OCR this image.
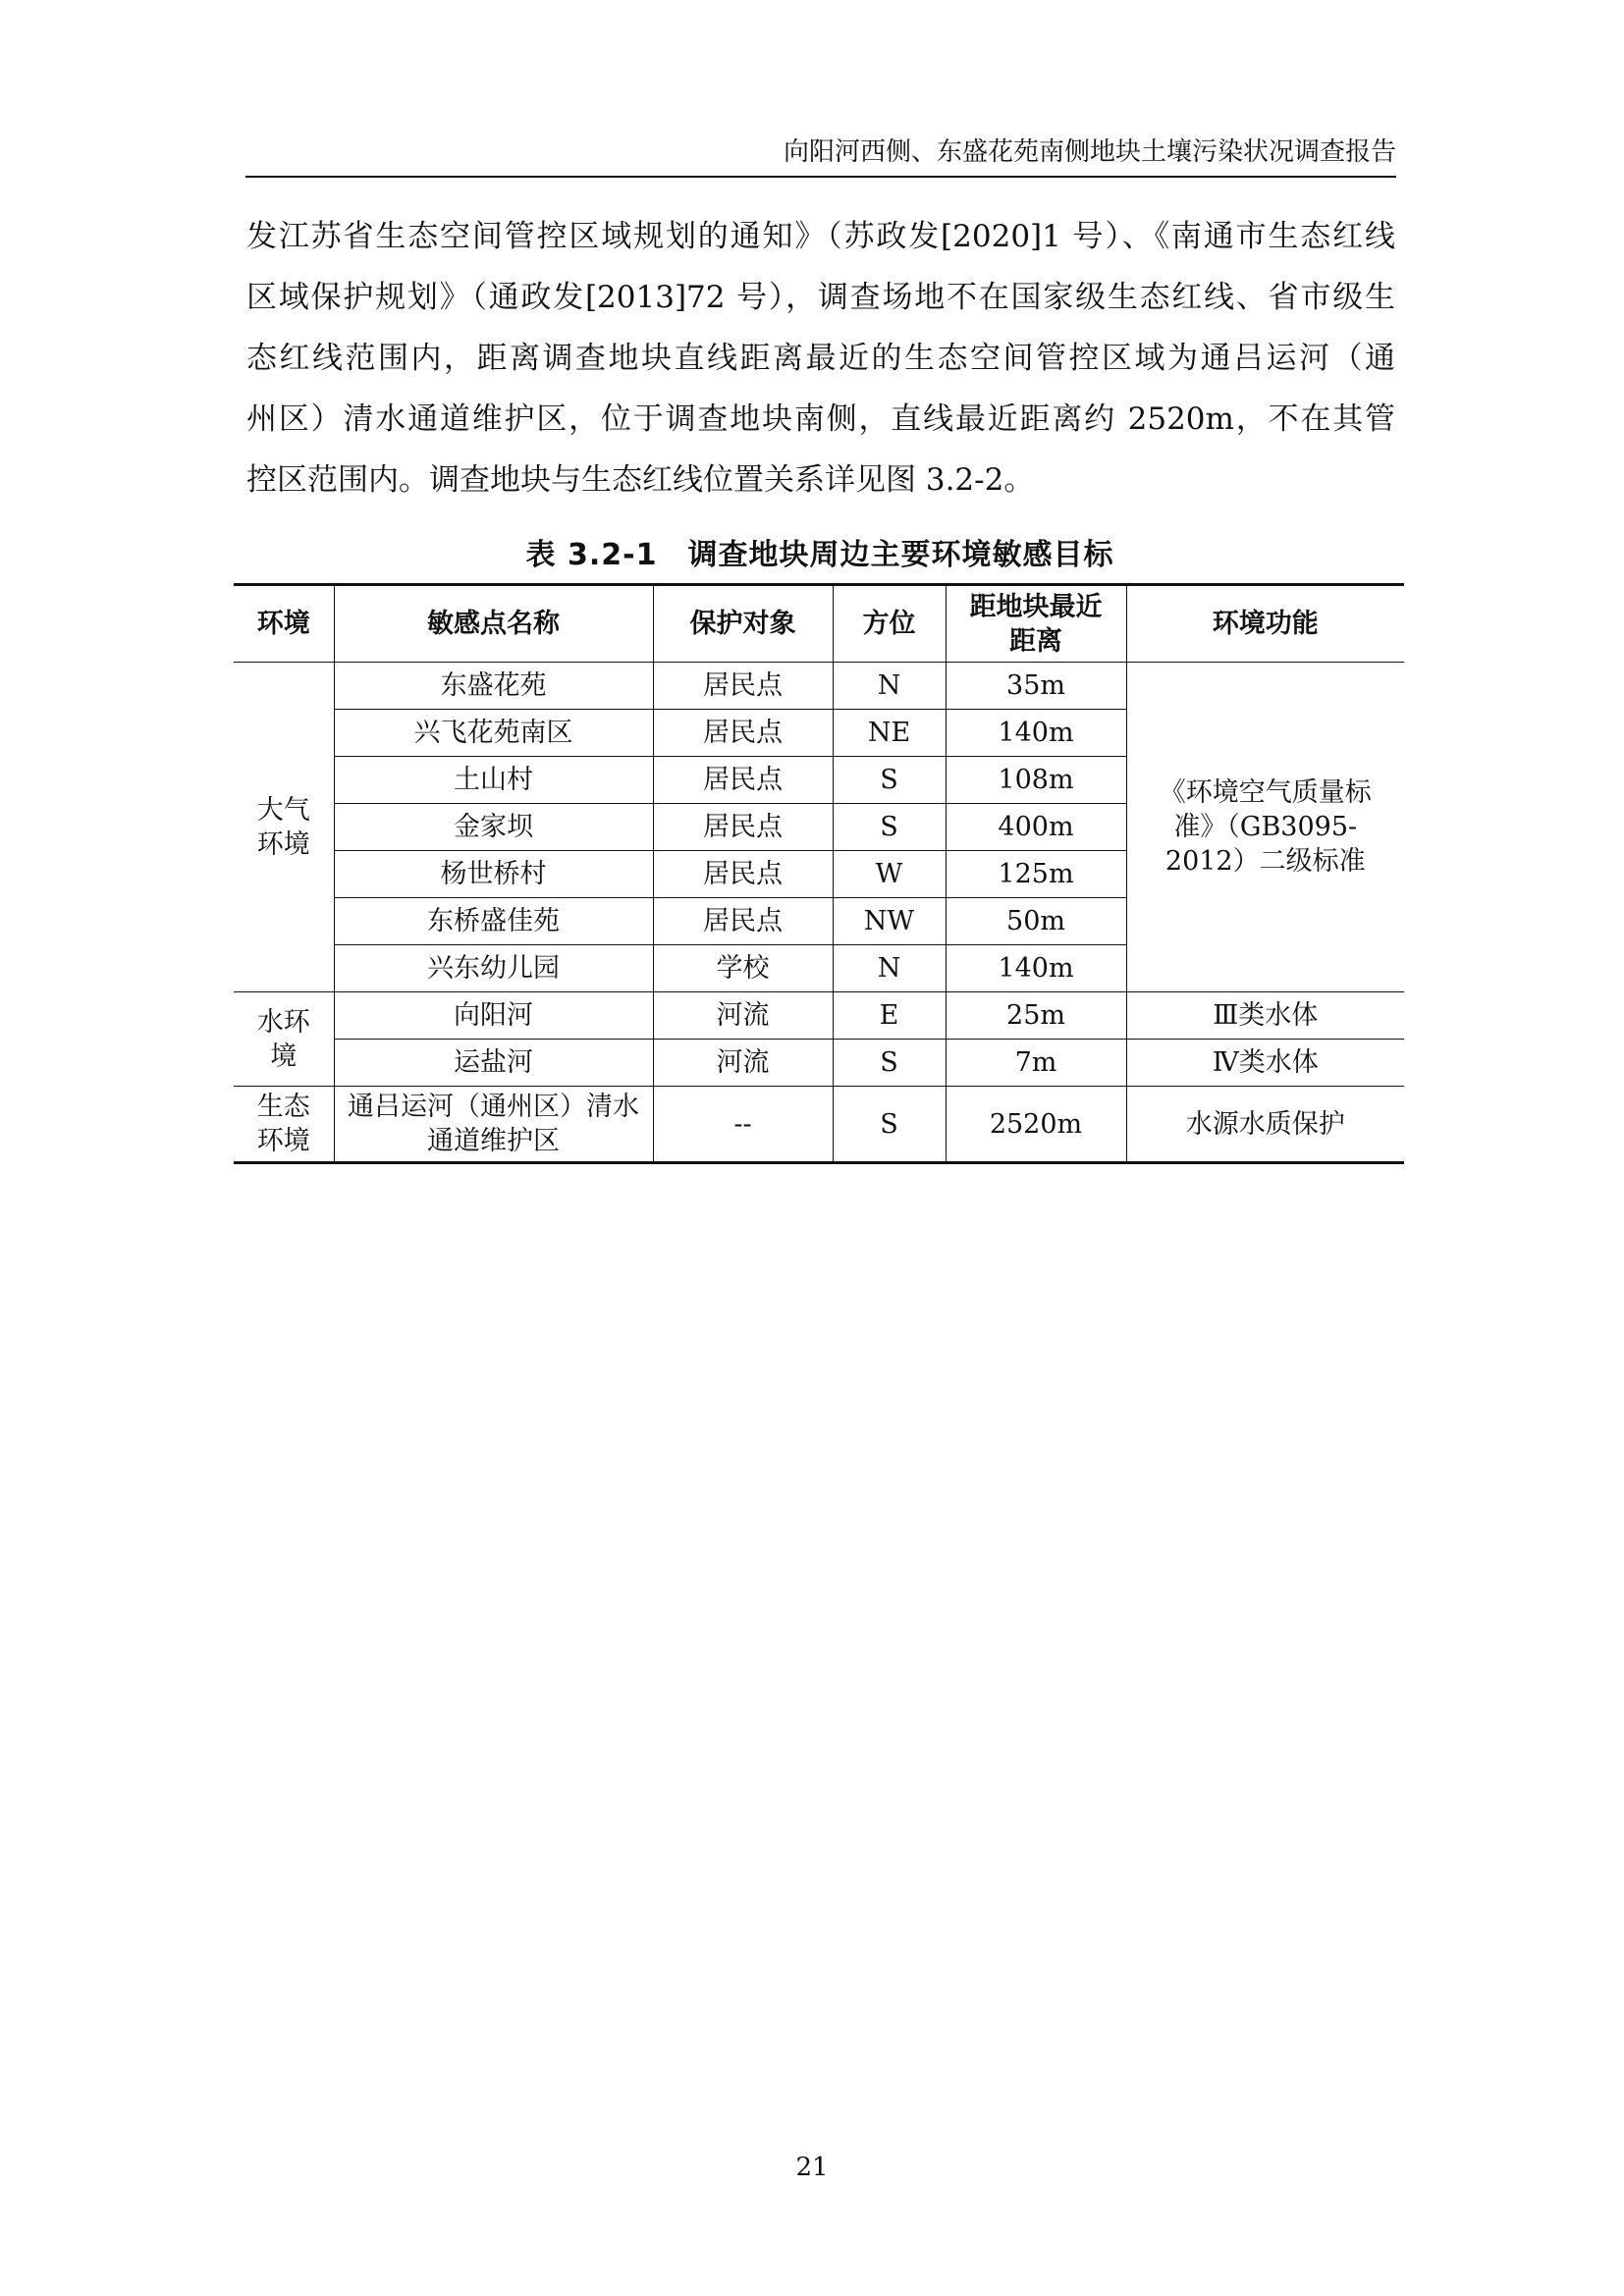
向阳河西侧、东盛花苑南侧地块土壤污染状况调查报告
发江苏省生态空间管控区域规划的通知》（苏政发[2020]1 号）、《南通市生态红线
区域保护规划》（通政发[2013]72 号），调查场地不在国家级生态红线、省市级生
态红线范围内，距离调查地块直线距离最近的生态空间管控区域为通吕运河（通
州区）清水通道维护区，位于调查地块南侧，直线最近距离约 2520m，不在其管
控区范围内。调查地块与生态红线位置关系详见图 3.2-2。
表 3.2-1　调查地块周边主要环境敏感目标
环境	敏感点名称	保护对象	方位	距地块最近距离	环境功能
大气环境	东盛花苑	居民点	N	35m	《环境空气质量标准》（GB3095-2012）二级标准
	兴飞花苑南区	居民点	NE	140m	
	土山村	居民点	S	108m	
	金家坝	居民点	S	400m	
	杨世桥村	居民点	W	125m	
	东桥盛佳苑	居民点	NW	50m	
	兴东幼儿园	学校	N	140m	
水环境	向阳河	河流	E	25m	Ⅲ类水体
	运盐河	河流	S	7m	Ⅳ类水体
生态环境	通吕运河（通州区）清水通道维护区	--	S	2520m	水源水质保护
21
